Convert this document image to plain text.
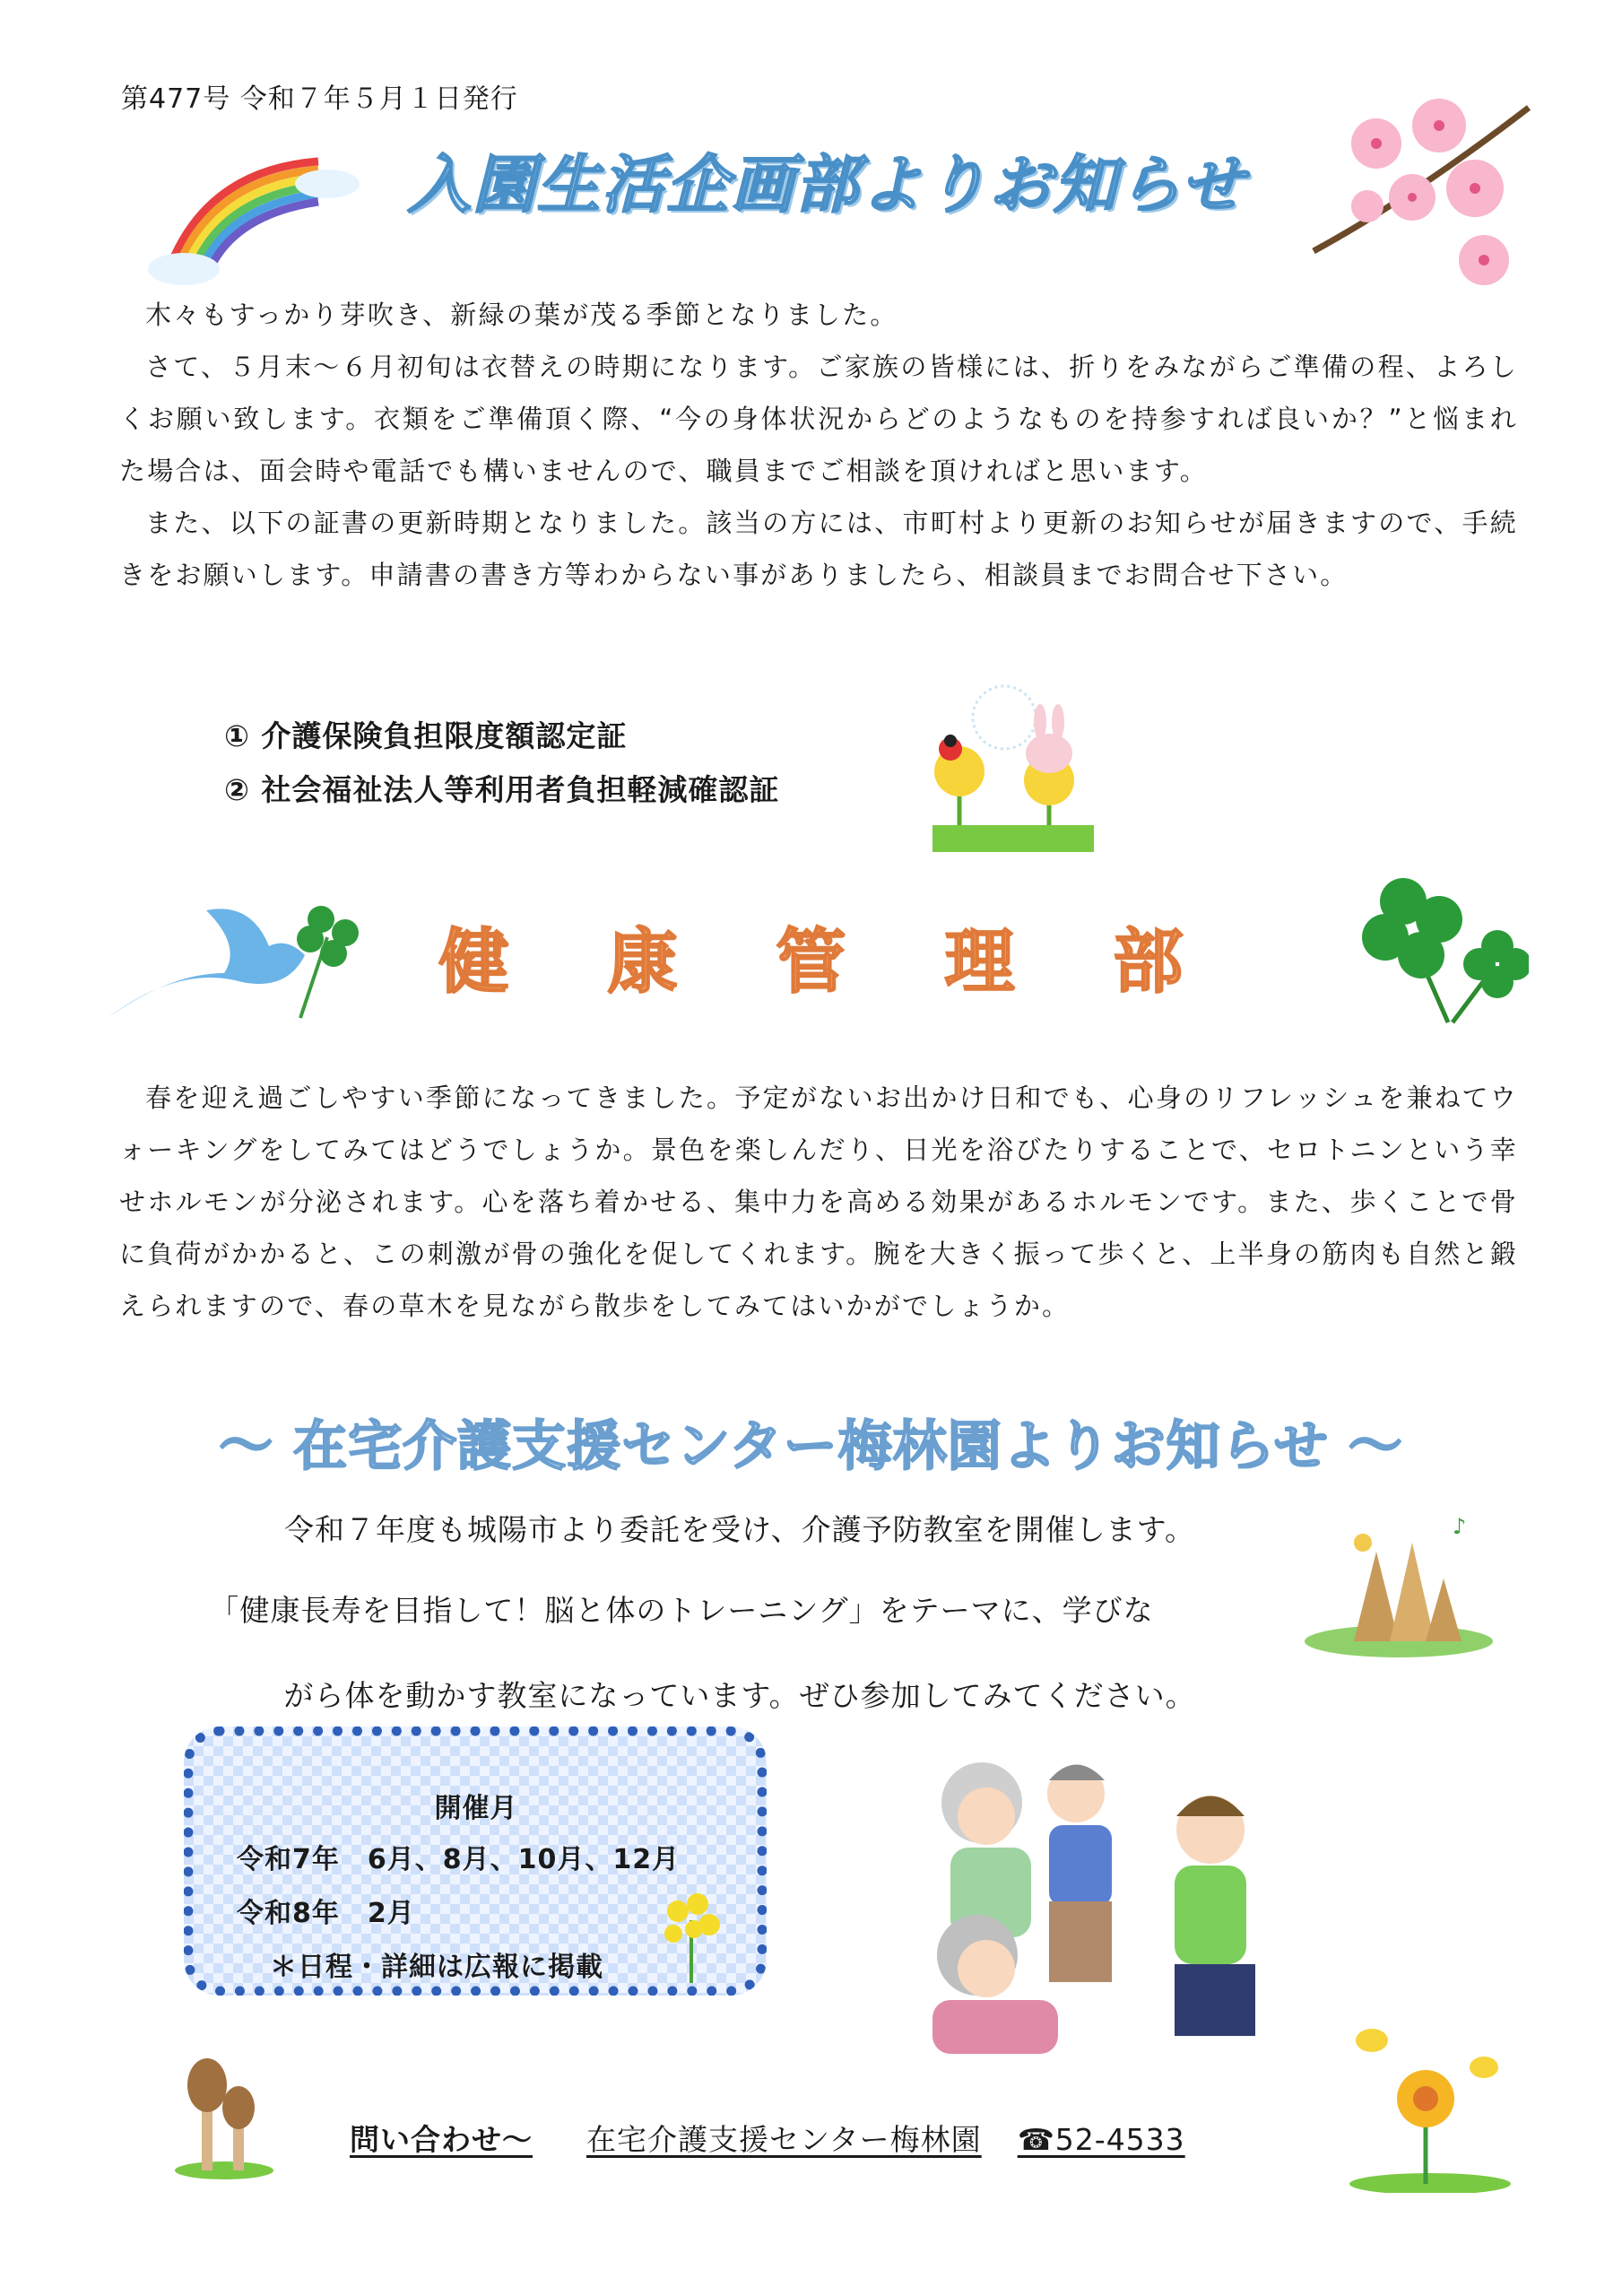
第477号 令和７年５月１日発行
入園生活企画部よりお知らせ

木々もすっかり芽吹き、新緑の葉が茂る季節となりました。

さて、５月末〜６月初旬は衣替えの時期になります。ご家族の皆様には、折りをみながらご準備の程、よろしくお願い致します。衣類をご準備頂く際、“今の身体状況からどのようなものを持参すれば良いか？”と悩まれた場合は、面会時や電話でも構いませんので、職員までご相談を頂ければと思います。

また、以下の証書の更新時期となりました。該当の方には、市町村より更新のお知らせが届きますので、手続きをお願いします。申請書の書き方等わからない事がありましたら、相談員までお問合せ下さい。

① 介護保険負担限度額認定証
② 社会福祉法人等利用者負担軽減確認証
健康管理部

春を迎え過ごしやすい季節になってきました。予定がないお出かけ日和でも、心身のリフレッシュを兼ねてウォーキングをしてみてはどうでしょうか。景色を楽しんだり、日光を浴びたりすることで、セロトニンという幸せホルモンが分泌されます。心を落ち着かせる、集中力を高める効果があるホルモンです。また、歩くことで骨に負荷がかかると、この刺激が骨の強化を促してくれます。腕を大きく振って歩くと、上半身の筋肉も自然と鍛えられますので、春の草木を見ながら散歩をしてみてはいかがでしょうか。

〜 在宅介護支援センター梅林園よりお知らせ 〜
令和７年度も城陽市より委託を受け、介護予防教室を開催します。
「健康長寿を目指して！脳と体のトレーニング」をテーマに、学びな
がら体を動かす教室になっています。ぜひ参加してみてください。
♪
開催月
令和7年　6月、8月、10月、12月
令和8年　2月
＊日程・詳細は広報に掲載
問い合わせ〜 在宅介護支援センター梅林園 ☎52-4533
